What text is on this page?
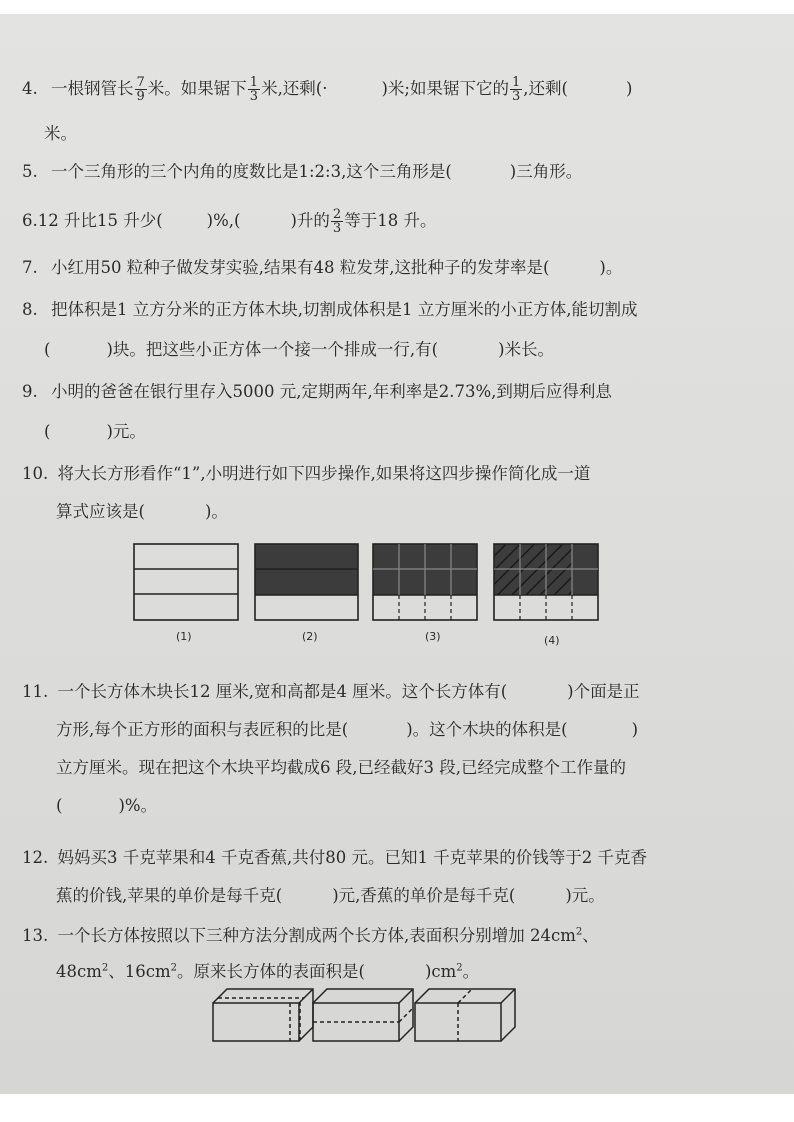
4. 一根钢管长 $\frac{7}{9}$ 米。如果锯下 $\frac{1}{3}$ 米,还剩(·	)米;如果锯下它的 $\frac{1}{3}$ ,还剩(	)
米。
5. 一个三角形的三个内角的度数比是1:2:3,这个三角形是(	)三角形。
6.12 升比15 升少(	)%,(	)升的 $\frac{2}{3}$ 等于18 升。
7. 小红用50 粒种子做发芽实验,结果有48 粒发芽,这批种子的发芽率是(	)。
8. 把体积是1 立方分米的正方体木块,切割成体积是1 立方厘米的小正方体,能切割成
(	)块。把这些小正方体一个接一个排成一行,有(	)米长。
9. 小明的爸爸在银行里存入5000 元,定期两年,年利率是2.73%,到期后应得利息
(	)元。
10. 将大长方形看作“1”,小明进行如下四步操作,如果将这四步操作简化成一道
算式应该是(	)。
(1)	(2)	(3)	(4)
11. 一个长方体木块长12 厘米,宽和高都是4 厘米。这个长方体有(	)个面是正
方形,每个正方形的面积与表匠积的比是(	)。这个木块的体积是(	)
立方厘米。现在把这个木块平均截成6 段,已经截好3 段,已经完成整个工作量的
(	)%。
12. 妈妈买3 千克苹果和4 千克香蕉,共付80 元。已知1 千克苹果的价钱等于2 千克香
蕉的价钱,苹果的单价是每千克(	)元,香蕉的单价是每千克(	)元。
13. 一个长方体按照以下三种方法分割成两个长方体,表面积分别增加 $24cm^2$、
$48cm^2$、$16cm^2$。原来长方体的表面积是(	)$cm^2$。
